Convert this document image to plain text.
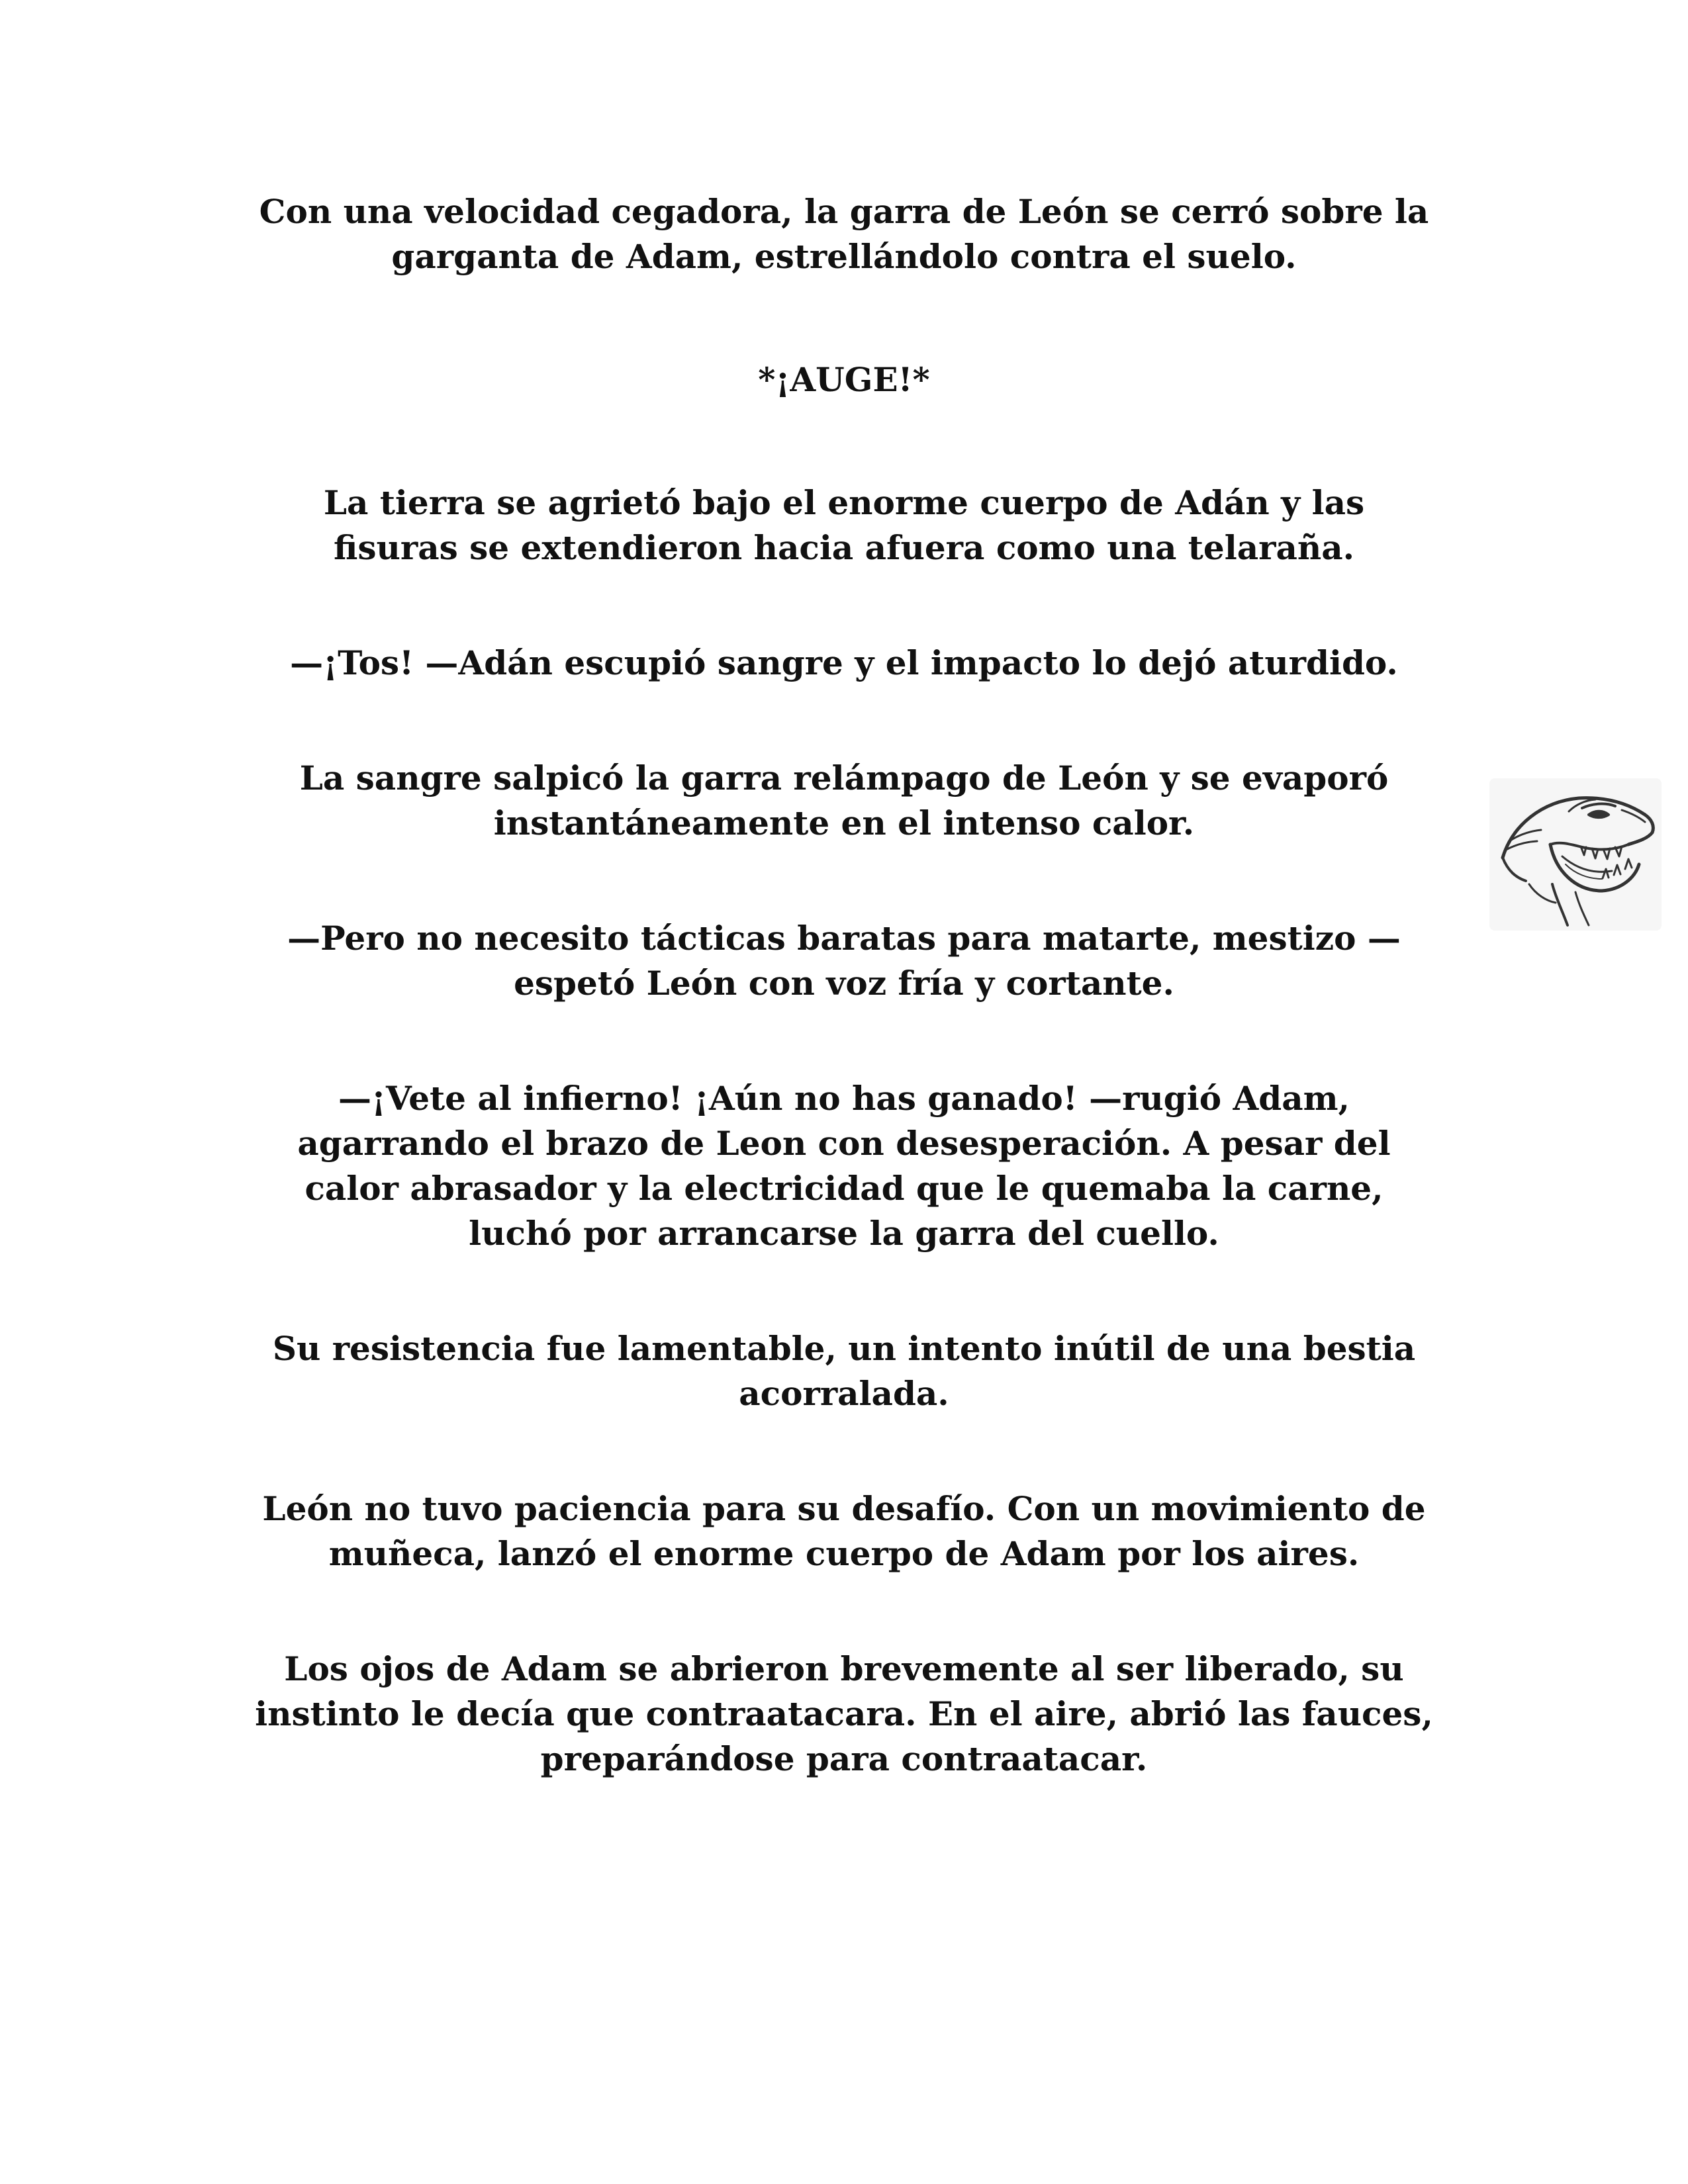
Con una velocidad cegadora, la garra de León se cerró sobre la
garganta de Adam, estrellándolo contra el suelo.

*¡AUGE!*

La tierra se agrietó bajo el enorme cuerpo de Adán y las
fisuras se extendieron hacia afuera como una telaraña.

—¡Tos! —Adán escupió sangre y el impacto lo dejó aturdido.

La sangre salpicó la garra relámpago de León y se evaporó
instantáneamente en el intenso calor.

—Pero no necesito tácticas baratas para matarte, mestizo —
espetó León con voz fría y cortante.

—¡Vete al infierno! ¡Aún no has ganado! —rugió Adam,
agarrando el brazo de Leon con desesperación. A pesar del
calor abrasador y la electricidad que le quemaba la carne,
luchó por arrancarse la garra del cuello.

Su resistencia fue lamentable, un intento inútil de una bestia
acorralada.

León no tuvo paciencia para su desafío. Con un movimiento de
muñeca, lanzó el enorme cuerpo de Adam por los aires.

Los ojos de Adam se abrieron brevemente al ser liberado, su
instinto le decía que contraatacara. En el aire, abrió las fauces,
preparándose para contraatacar.
